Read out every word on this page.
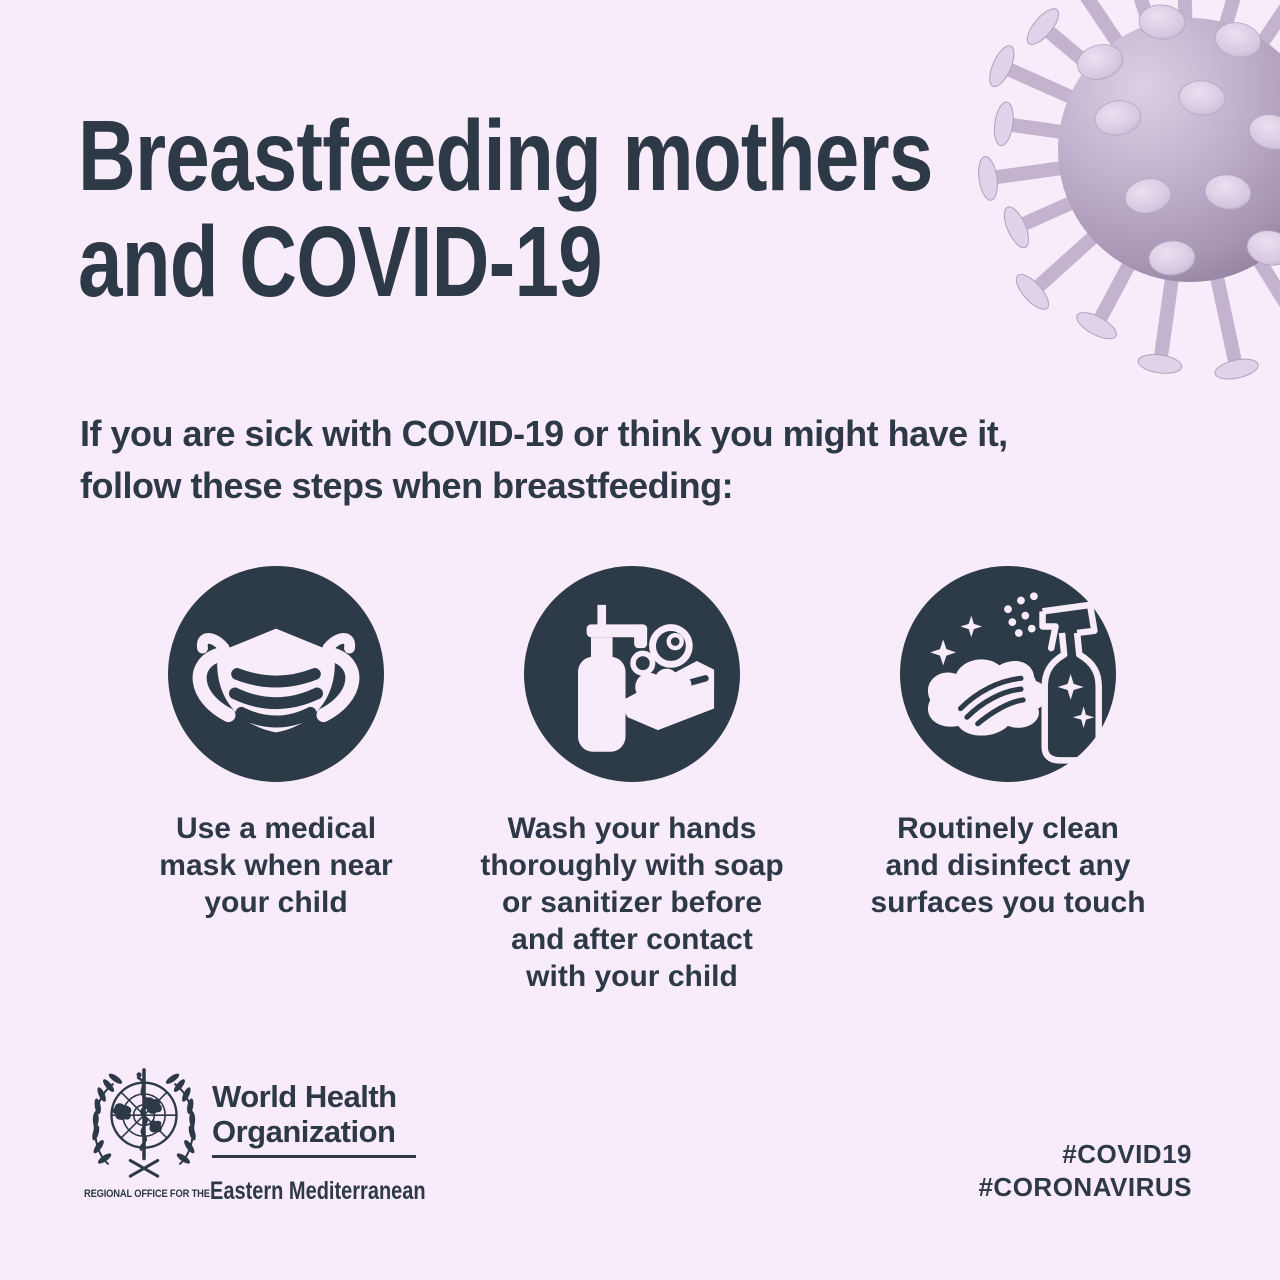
Breastfeeding mothers
and COVID-19
If you are sick with COVID-19 or think you might have it,
follow these steps when breastfeeding:
Use a medical
mask when near
your child
Wash your hands
thoroughly with soap
or sanitizer before
and after contact
with your child
Routinely clean
and disinfect any
surfaces you touch
World Health
Organization
REGIONAL OFFICE FOR THE Eastern Mediterranean
#COVID19
#CORONAVIRUS
